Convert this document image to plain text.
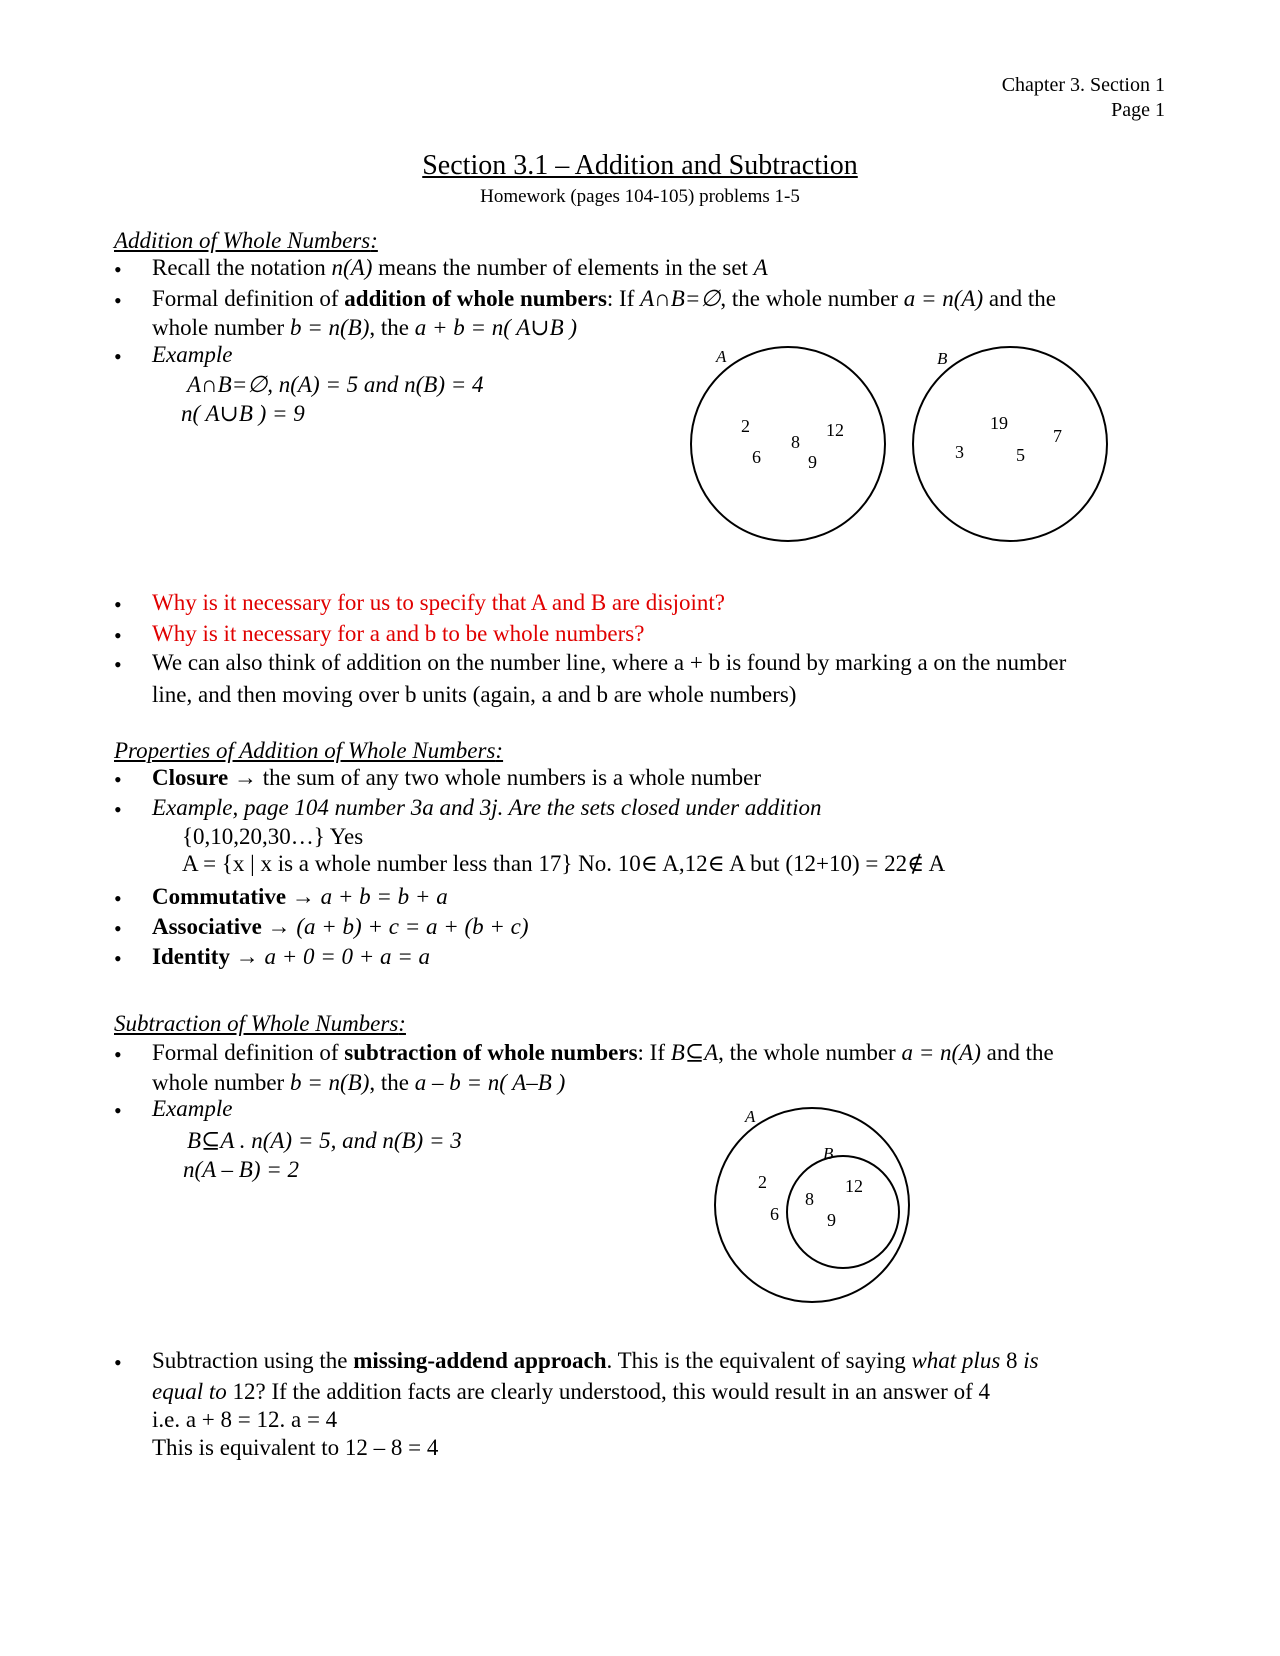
Chapter 3. Section 1
Page 1
Section 3.1 – Addition and Subtraction
Homework (pages 104-105) problems 1-5
Addition of Whole Numbers:
• Recall the notation n(A) means the number of elements in the set A
• Formal definition of addition of whole numbers: If A∩B=∅, the whole number a = n(A) and the
whole number b = n(B), the a + b = n( A∪B )
• Example
A∩B=∅, n(A) = 5 and n(B) = 4
n( A∪B ) = 9
A	B
2
6
8
9
12	19
3	5
7
• Why is it necessary for us to specify that A and B are disjoint?
• Why is it necessary for a and b to be whole numbers?
• We can also think of addition on the number line, where a + b is found by marking a on the number
line, and then moving over b units (again, a and b are whole numbers)
Properties of Addition of Whole Numbers:
• Closure → the sum of any two whole numbers is a whole number
• Example, page 104 number 3a and 3j. Are the sets closed under addition
{0,10,20,30…} Yes
A = {x | x is a whole number less than 17} No. 10∈ A,12∈ A but (12+10) = 22∉ A
• Commutative → a + b = b + a
• Associative → (a + b) + c = a + (b + c)
• Identity → a + 0 = 0 + a = a
Subtraction of Whole Numbers:
• Formal definition of subtraction of whole numbers: If B⊆A, the whole number a = n(A) and the
whole number b = n(B), the a – b = n( A–B )
• Example
B⊆A . n(A) = 5, and n(B) = 3
n(A – B) = 2
A
B
2
6
8
9
12
• Subtraction using the missing-addend approach. This is the equivalent of saying what plus 8 is
equal to 12? If the addition facts are clearly understood, this would result in an answer of 4
i.e. a + 8 = 12. a = 4
This is equivalent to 12 – 8 = 4
